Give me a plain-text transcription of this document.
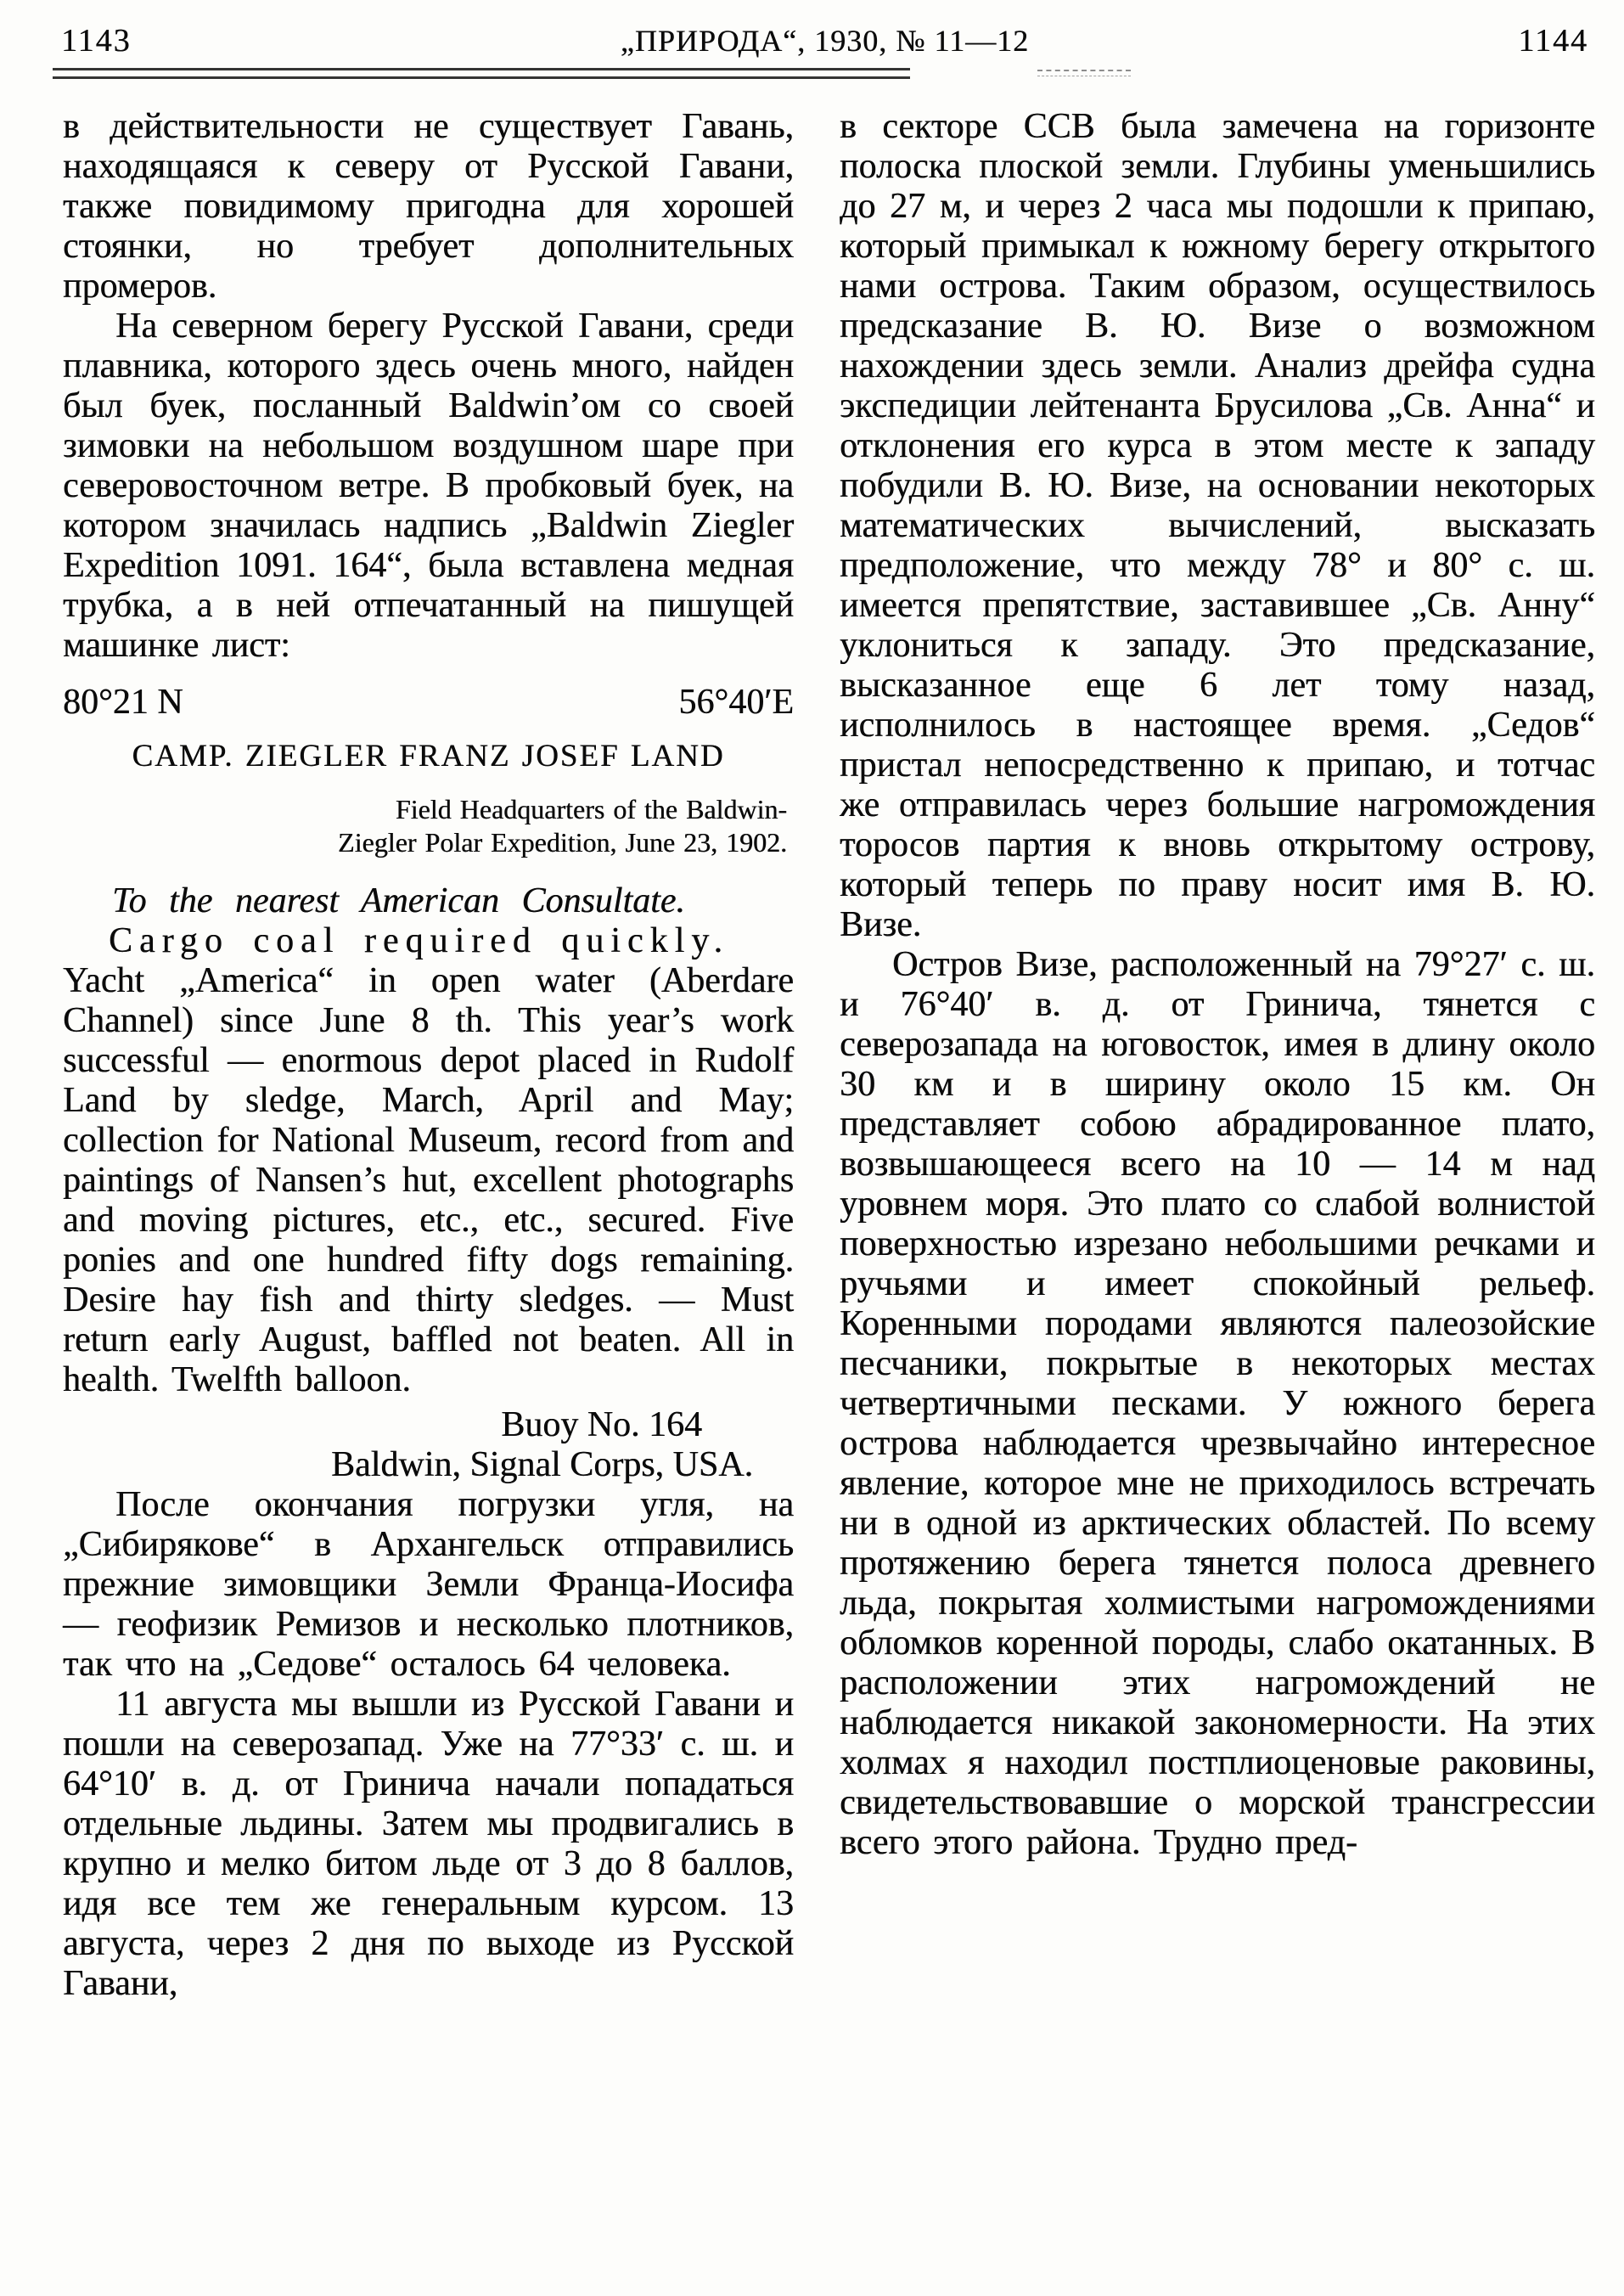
1143	„ПРИРОДА“, 1930, № 11—12	1144

в действительности не существует Гавань, находящаяся к северу от Русской Гавани, также повидимому пригодна для хорошей стоянки, но требует дополнительных промеров.

На северном берегу Русской Гавани, среди плавника, которого здесь очень много, найден был буек, посланный Baldwin’ом со своей зимовки на небольшом воздушном шаре при северовосточном ветре. В пробковый буек, на котором значилась надпись „Baldwin Ziegler Expedition 1091. 164“, была вставлена медная трубка, а в ней отпечатанный на пишущей машинке лист:

80°21 N	56°40′E
CAMP. ZIEGLER FRANZ JOSEF LAND
Field Headquarters of the Baldwin-
Ziegler Polar Expedition, June 23, 1902.

To the nearest American Consultate.

Cargo coal required quickly.

Yacht „America“ in open water (Aberdare Channel) since June 8 th. This year’s work successful — enormous depot placed in Rudolf Land by sledge, March, April and May; collection for National Museum, record from and paintings of Nansen’s hut, excellent photographs and moving pictures, etc., etc., secured. Five ponies and one hundred fifty dogs remaining. Desire hay fish and thirty sledges. — Must return early August, baffled not beaten. All in health. Twelfth balloon.

Buoy No. 164
Baldwin, Signal Corps, USA.

После окончания погрузки угля, на „Сибирякове“ в Архангельск отправились прежние зимовщики Земли Франца-Иосифа — геофизик Ремизов и несколько плотников, так что на „Седове“ осталось 64 человека.

11 августа мы вышли из Русской Гавани и пошли на северозапад. Уже на 77°33′ с. ш. и 64°10′ в. д. от Гринича начали попадаться отдельные льдины. Затем мы продвигались в крупно и мелко битом льде от 3 до 8 баллов, идя все тем же генеральным курсом. 13 августа, через 2 дня по выходе из Русской Гавани,

в секторе ССВ была замечена на горизонте полоска плоской земли. Глубины уменьшились до 27 м, и через 2 часа мы подошли к припаю, который примыкал к южному берегу открытого нами острова. Таким образом, осуществилось предсказание В. Ю. Визе о возможном нахождении здесь земли. Анализ дрейфа судна экспедиции лейтенанта Брусилова „Св. Анна“ и отклонения его курса в этом месте к западу побудили В. Ю. Визе, на основании некоторых математических вычислений, высказать предположение, что между 78° и 80° с. ш. имеется препятствие, заставившее „Св. Анну“ уклониться к западу. Это предсказание, высказанное еще 6 лет тому назад, исполнилось в настоящее время. „Седов“ пристал непосредственно к припаю, и тотчас же отправилась через большие нагромождения торосов партия к вновь открытому острову, который теперь по праву носит имя В. Ю. Визе.

Остров Визе, расположенный на 79°27′ с. ш. и 76°40′ в. д. от Гринича, тянется с северозапада на юговосток, имея в длину около 30 км и в ширину около 15 км. Он представляет собою абрадированное плато, возвышающееся всего на 10 — 14 м над уровнем моря. Это плато со слабой волнистой поверхностью изрезано небольшими речками и ручьями и имеет спокойный рельеф. Коренными породами являются палеозойские песчаники, покрытые в некоторых местах четвертичными песками. У южного берега острова наблюдается чрезвычайно интересное явление, которое мне не приходилось встречать ни в одной из арктических областей. По всему протяжению берега тянется полоса древнего льда, покрытая холмистыми нагромождениями обломков коренной породы, слабо окатанных. В расположении этих нагромождений не наблюдается никакой закономерности. На этих холмах я находил постплиоценовые раковины, свидетельствовавшие о морской трансгрессии всего этого района. Трудно пред-
